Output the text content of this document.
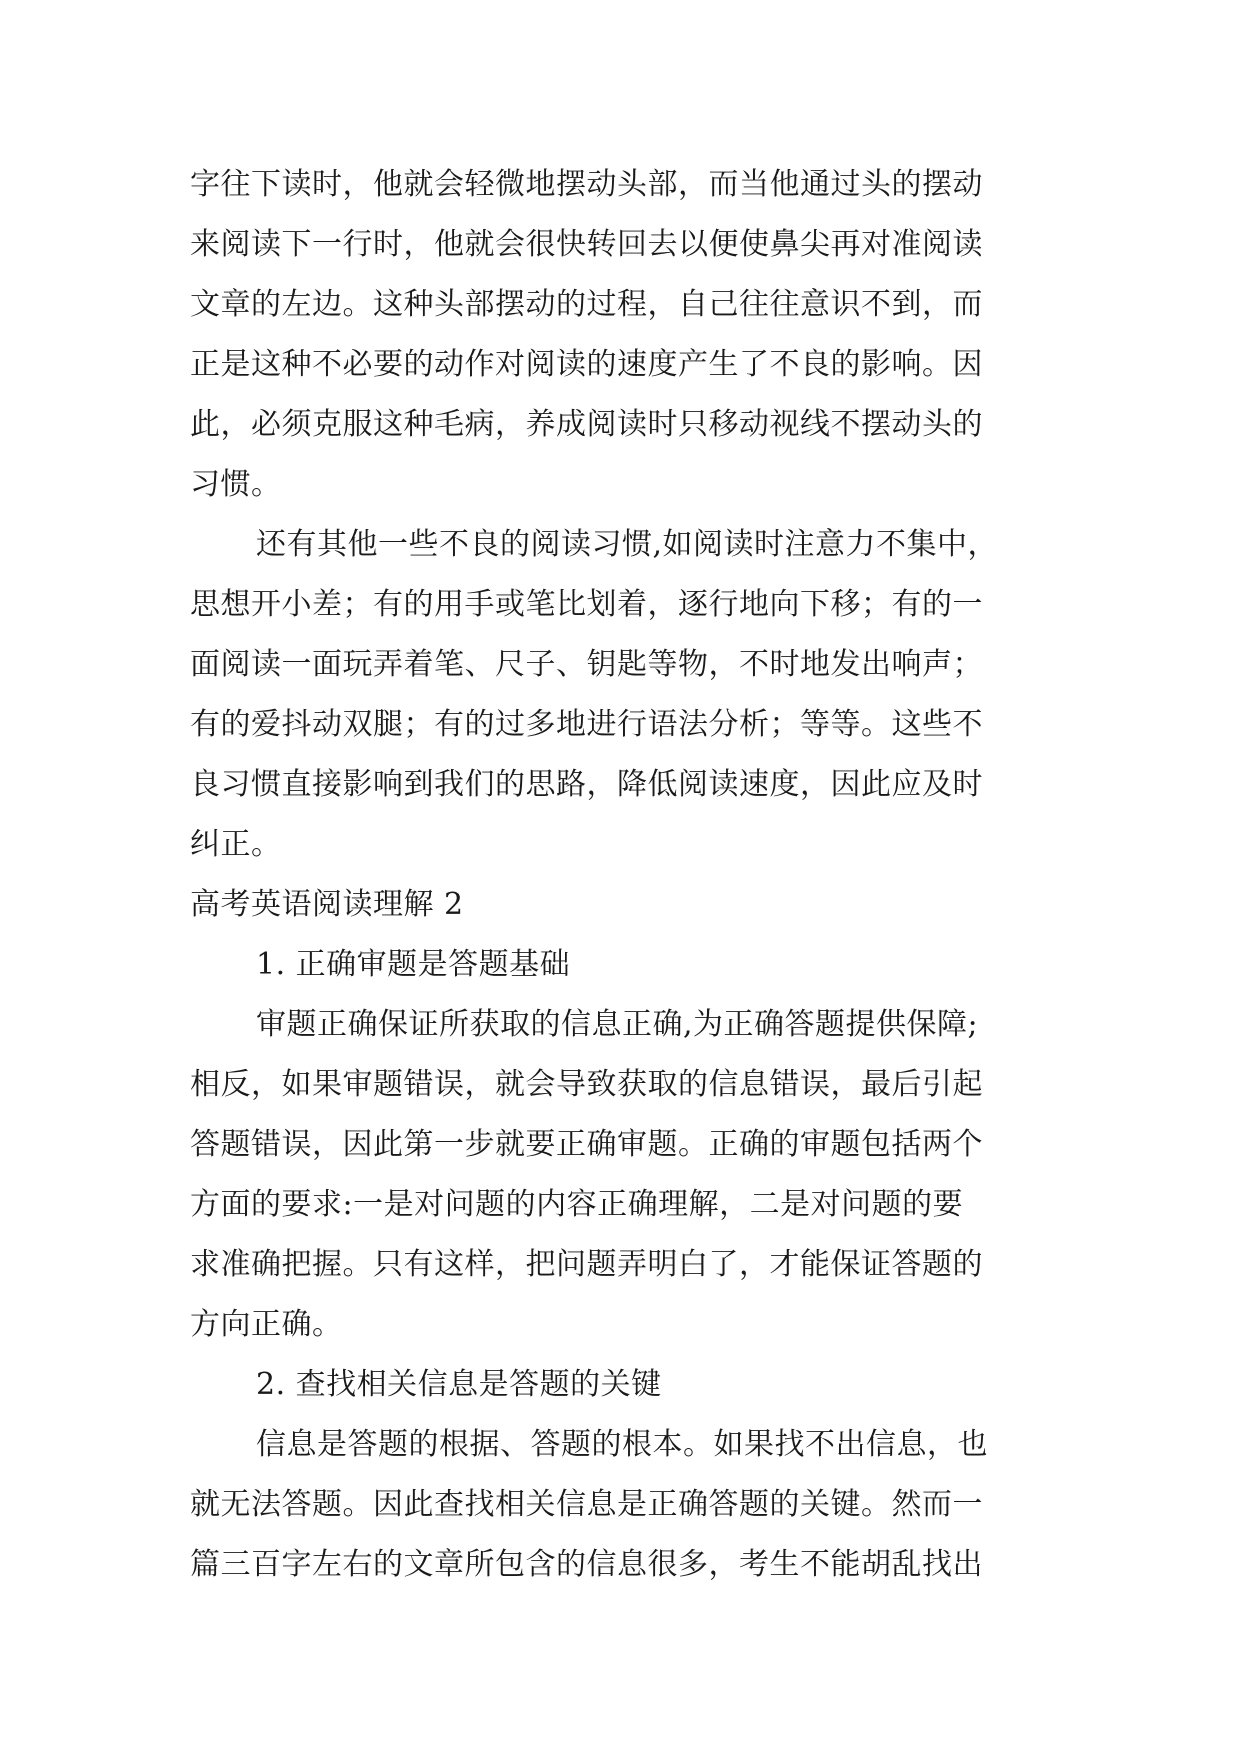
字往下读时，他就会轻微地摆动头部，而当他通过头的摆动
来阅读下一行时，他就会很快转回去以便使鼻尖再对准阅读
文章的左边。这种头部摆动的过程，自己往往意识不到，而
正是这种不必要的动作对阅读的速度产生了不良的影响。因
此，必须克服这种毛病，养成阅读时只移动视线不摆动头的
习惯。
还有其他一些不良的阅读习惯,如阅读时注意力不集中，
思想开小差；有的用手或笔比划着，逐行地向下移；有的一
面阅读一面玩弄着笔、尺子、钥匙等物，不时地发出响声；
有的爱抖动双腿；有的过多地进行语法分析；等等。这些不
良习惯直接影响到我们的思路，降低阅读速度，因此应及时
纠正。
高考英语阅读理解 2
1. 正确审题是答题基础
审题正确保证所获取的信息正确,为正确答题提供保障;
相反，如果审题错误，就会导致获取的信息错误，最后引起
答题错误，因此第一步就要正确审题。正确的审题包括两个
方面的要求:一是对问题的内容正确理解，二是对问题的要
求准确把握。只有这样，把问题弄明白了，才能保证答题的
方向正确。
2. 查找相关信息是答题的关键
信息是答题的根据、答题的根本。如果找不出信息，也
就无法答题。因此查找相关信息是正确答题的关键。然而一
篇三百字左右的文章所包含的信息很多，考生不能胡乱找出
